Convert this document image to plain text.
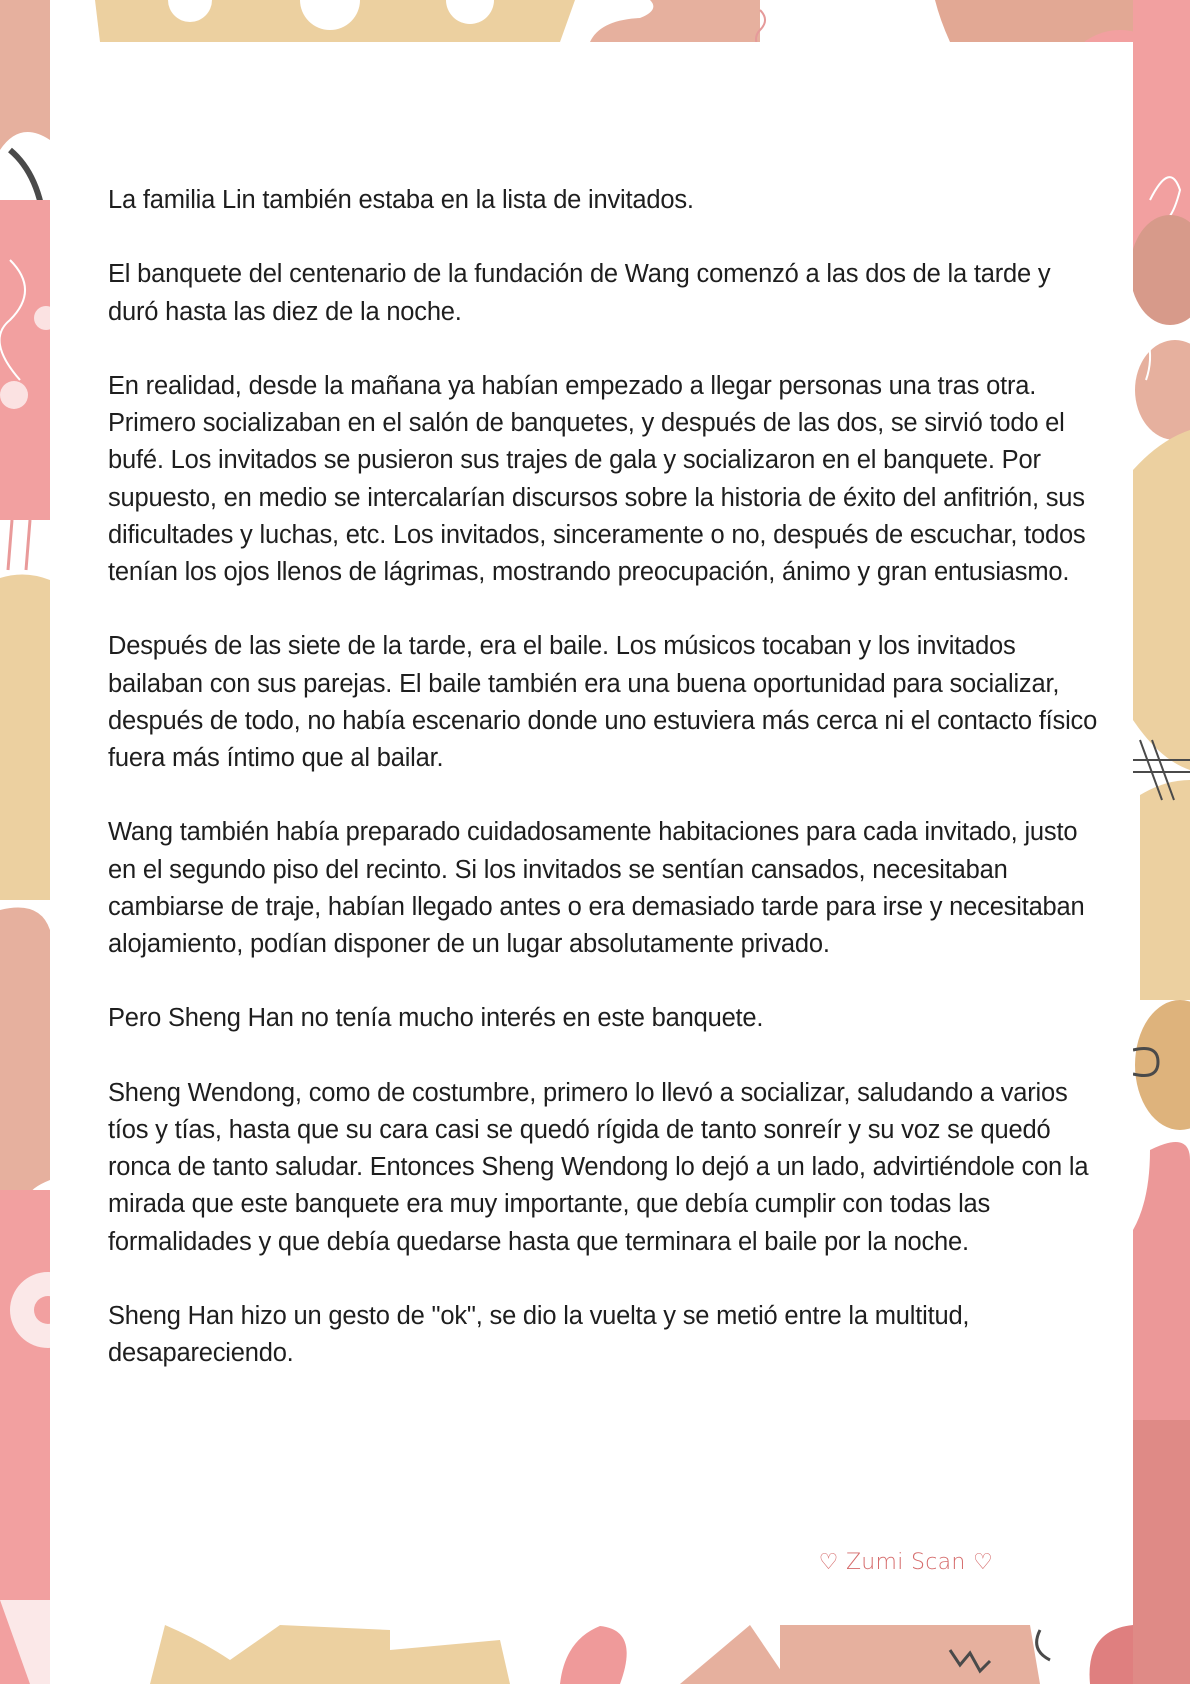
La familia Lin también estaba en la lista de invitados.

El banquete del centenario de la fundación de Wang comenzó a las dos de la tarde y duró hasta las diez de la noche.

En realidad, desde la mañana ya habían empezado a llegar personas una tras otra. Primero socializaban en el salón de banquetes, y después de las dos, se sirvió todo el bufé. Los invitados se pusieron sus trajes de gala y socializaron en el banquete. Por supuesto, en medio se intercalarían discursos sobre la historia de éxito del anfitrión, sus dificultades y luchas, etc. Los invitados, sinceramente o no, después de escuchar, todos tenían los ojos llenos de lágrimas, mostrando preocupación, ánimo y gran entusiasmo.

Después de las siete de la tarde, era el baile. Los músicos tocaban y los invitados bailaban con sus parejas. El baile también era una buena oportunidad para socializar, después de todo, no había escenario donde uno estuviera más cerca ni el contacto físico fuera más íntimo que al bailar.

Wang también había preparado cuidadosamente habitaciones para cada invitado, justo en el segundo piso del recinto. Si los invitados se sentían cansados, necesitaban cambiarse de traje, habían llegado antes o era demasiado tarde para irse y necesitaban alojamiento, podían disponer de un lugar absolutamente privado.

Pero Sheng Han no tenía mucho interés en este banquete.

Sheng Wendong, como de costumbre, primero lo llevó a socializar, saludando a varios tíos y tías, hasta que su cara casi se quedó rígida de tanto sonreír y su voz se quedó ronca de tanto saludar. Entonces Sheng Wendong lo dejó a un lado, advirtiéndole con la mirada que este banquete era muy importante, que debía cumplir con todas las formalidades y que debía quedarse hasta que terminara el baile por la noche.

Sheng Han hizo un gesto de "ok", se dio la vuelta y se metió entre la multitud, desapareciendo.

♡ Zumi Scan ♡
